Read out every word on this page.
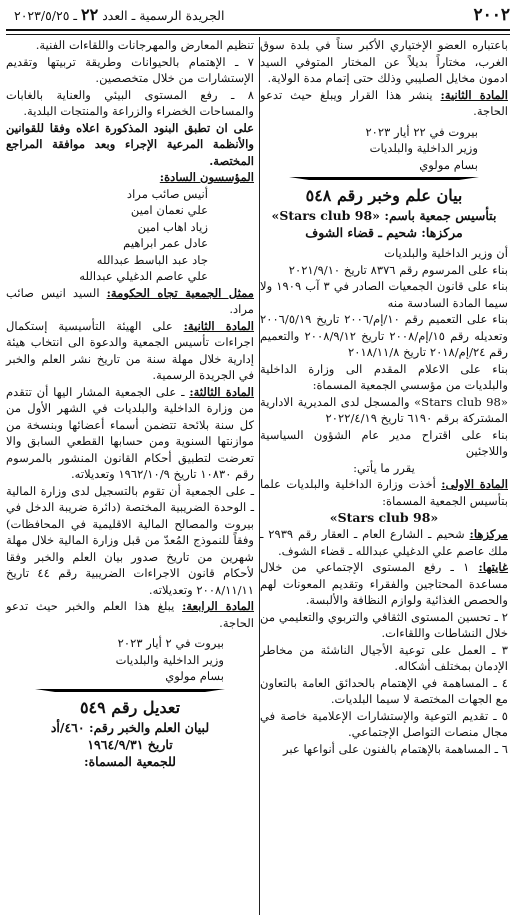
٢٠٠٢
الجريدة الرسمية ـ العدد ٢٢ ـ ٢٠٢٣/٥/٢٥

باعتباره العضو الإختياري الأكبر سناً في بلدة سوق الغرب، مختاراً بديلاً عن المختار المتوفي السيد ادمون مخايل الصليبي وذلك حتى إتمام مدة الولاية.

المادة الثانية: ينشر هذا القرار ويبلغ حيث تدعو الحاجة.

بيروت في ٢٢ أيار ٢٠٢٣

وزير الداخلية والبلديات

بسام مولوي

بيان علم وخبر رقم ٥٤٨

بتأسيس جمعية باسم: «Stars club 98»

مركزها: شحيم ـ قضاء الشوف

أن وزير الداخلية والبلديات

بناء على المرسوم رقم ٨٣٧٦ تاريخ ٢٠٢١/٩/١٠

بناء على قانون الجمعيات الصادر في ٣ آب ١٩٠٩ ولا سيما المادة السادسة منه

بناء على التعميم رقم ١٠/إم/٢٠٠٦ تاريخ ٢٠٠٦/٥/١٩ وتعديله رقم ١٥/إم/٢٠٠٨ تاريخ ٢٠٠٨/٩/١٢ والتعميم رقم ٢٤/إم/٢٠١٨ تاريخ ٢٠١٨/١١/٨

بناء على الاعلام المقدم الى وزارة الداخلية والبلديات من مؤسسي الجمعية المسماة:

«Stars club 98» والمسجل لدى المديرية الادارية المشتركة برقم ٦١٩٠ تاريخ ٢٠٢٢/٤/١٩

بناء على اقتراح مدير عام الشؤون السياسية واللاجئين

يقرر ما يأتي:

المادة الاولى: أخذت وزارة الداخلية والبلديات علما بتأسيس الجمعية المسماة:

«Stars club 98»

مركزها: شحيم ـ الشارع العام ـ العقار رقم ٢٩٣٩ ـ ملك عاصم علي الدغيلي عبدالله ـ قضاء الشوف.

غايتها: ١ ـ رفع المستوى الإجتماعي من خلال مساعدة المحتاجين والفقراء وتقديم المعونات لهم والحصص الغذائية ولوازم النظافة والألبسة.

٢ ـ تحسين المستوى الثقافي والتربوي والتعليمي من خلال النشاطات واللقاءات.

٣ ـ العمل على توعية الأجيال الناشئة من مخاطر الإدمان بمختلف أشكاله.

٤ ـ المساهمة في الإهتمام بالحدائق العامة بالتعاون مع الجهات المختصة لا سيما البلديات.

٥ ـ تقديم التوعية والإستشارات الإعلامية خاصة في مجال منصات التواصل الإجتماعي.

٦ ـ المساهمة بالإهتمام بالفنون على أنواعها عبر

تنظيم المعارض والمهرجانات واللقاءات الفنية.

٧ ـ الإهتمام بالحيوانات وطريقة تربيتها وتقديم الإستشارات من خلال متخصصين.

٨ ـ رفع المستوى البيئي والعناية بالغابات والمساحات الخضراء والزراعة والمنتجات البلدية.

على ان تطبق البنود المذكورة اعلاه وفقا للقوانين والأنظمة المرعية الإجراء وبعد موافقة المراجع المختصة.

المؤسسون السادة:

أنيس صائب مراد

علي نعمان امين

زياد اهاب امين

عادل عمر ابراهيم

جاد عبد الباسط عبدالله

علي عاصم الدغيلي عبدالله

ممثل الجمعية تجاه الحكومة: السيد انيس صائب مراد.

المادة الثانية: على الهيئة التأسيسية إستكمال اجراءات تأسيس الجمعية والدعوة الى انتخاب هيئة إدارية خلال مهلة سنة من تاريخ نشر العلم والخبر في الجريدة الرسمية.

المادة الثالثة: ـ على الجمعية المشار اليها أن تتقدم من وزارة الداخلية والبلديات في الشهر الأول من كل سنة بلائحة تتضمن أسماء أعضائها وبنسخة من موازنتها السنوية ومن حسابها القطعي السابق والا تعرضت لتطبيق أحكام القانون المنشور بالمرسوم رقم ١٠٨٣٠ تاريخ ١٩٦٢/١٠/٩ وتعديلاته.

ـ على الجمعية أن تقوم بالتسجيل لدى وزارة المالية ـ الوحدة الضريبية المختصة (دائرة ضريبة الدخل في بيروت والمصالح المالية الاقليمية في المحافظات) وفقاً للنموذج المُعدّ من قبل وزارة المالية خلال مهلة شهرين من تاريخ صدور بيان العلم والخبر وفقا لأحكام قانون الاجراءات الضريبية رقم ٤٤ تاريخ ٢٠٠٨/١١/١١ وتعديلاته.

المادة الرابعة: يبلغ هذا العلم والخبر حيث تدعو الحاجة.

بيروت في ٢ أيار ٢٠٢٣

وزير الداخلية والبلديات

بسام مولوي

تعديل رقم ٥٤٩

لبيان العلم والخبر رقم: ٤٦٠/أد

تاريخ ١٩٦٤/٩/٣١

للجمعية المسماة:
